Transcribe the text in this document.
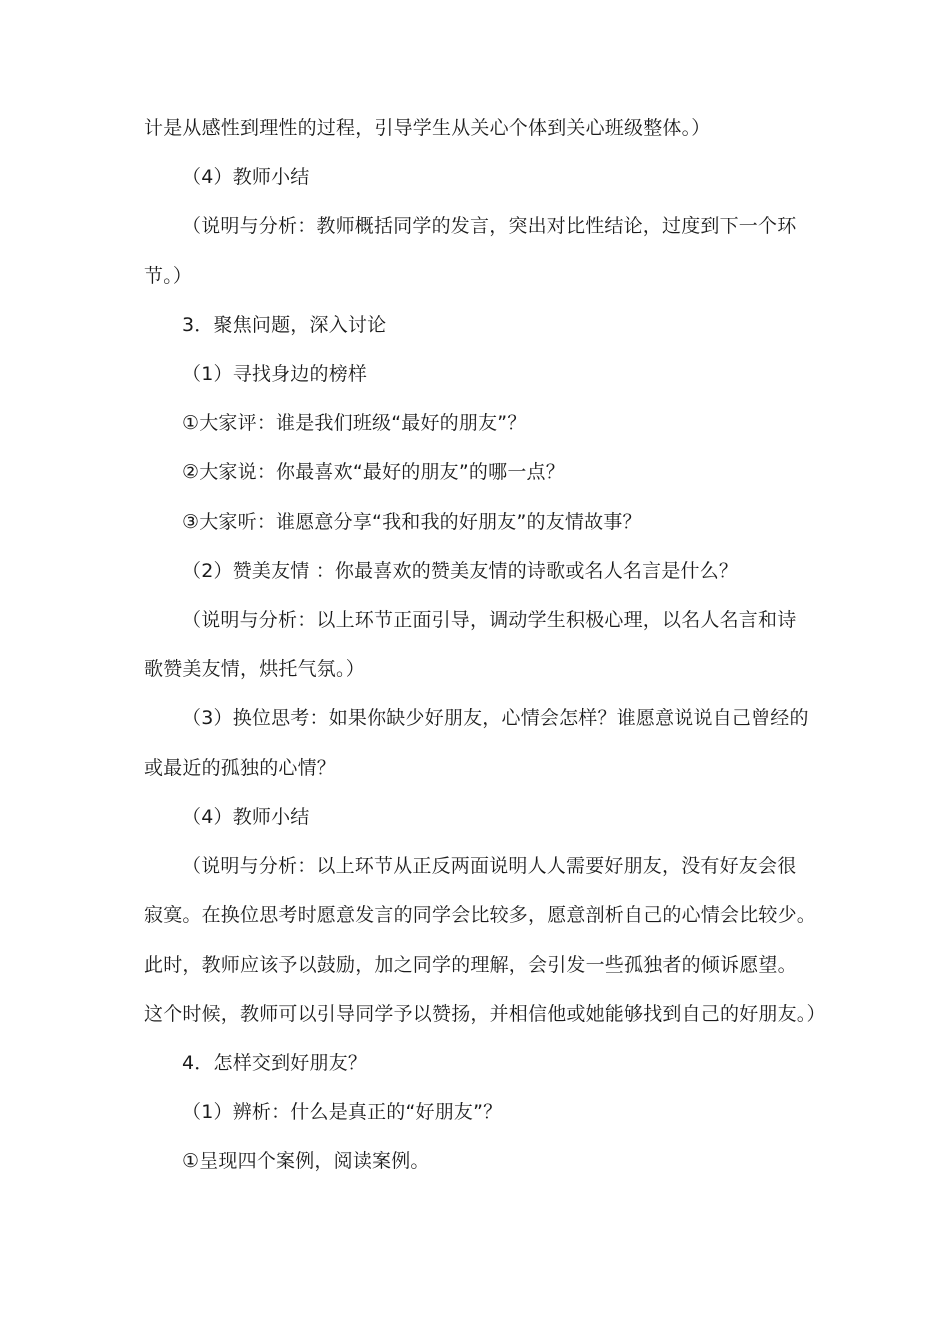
计是从感性到理性的过程，引导学生从关心个体到关心班级整体。）
（4）教师小结
（说明与分析：教师概括同学的发言，突出对比性结论，过度到下一个环
节。）
3．聚焦问题，深入讨论
（1）寻找身边的榜样
①大家评：谁是我们班级“最好的朋友”？
②大家说：你最喜欢“最好的朋友”的哪一点？
③大家听：谁愿意分享“我和我的好朋友”的友情故事？
（2）赞美友情 ：你最喜欢的赞美友情的诗歌或名人名言是什么？
（说明与分析：以上环节正面引导，调动学生积极心理，以名人名言和诗
歌赞美友情，烘托气氛。）
（3）换位思考：如果你缺少好朋友，心情会怎样？谁愿意说说自己曾经的
或最近的孤独的心情？
（4）教师小结
（说明与分析：以上环节从正反两面说明人人需要好朋友，没有好友会很
寂寞。在换位思考时愿意发言的同学会比较多，愿意剖析自己的心情会比较少。
此时，教师应该予以鼓励，加之同学的理解，会引发一些孤独者的倾诉愿望。
这个时候，教师可以引导同学予以赞扬，并相信他或她能够找到自己的好朋友。）
4．怎样交到好朋友？
（1）辨析：什么是真正的“好朋友”？
①呈现四个案例，阅读案例。
